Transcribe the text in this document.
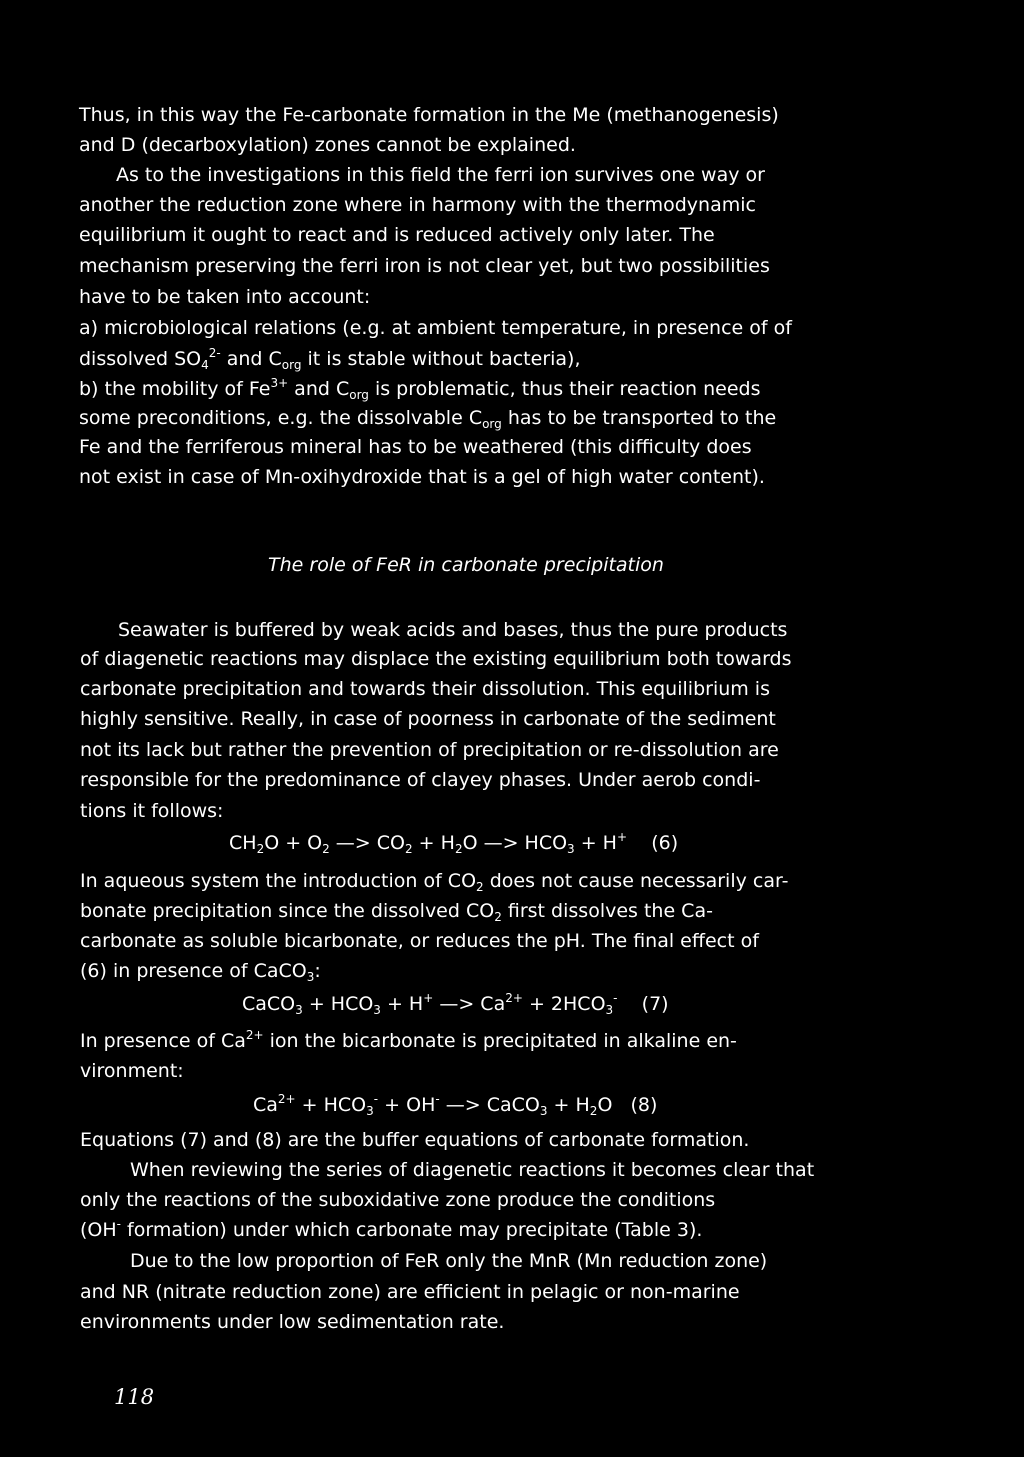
Thus, in this way the Fe-carbonate formation in the Me (methanogenesis)
and D (decarboxylation) zones cannot be explained.
As to the investigations in this field the ferri ion survives one way or
another the reduction zone where in harmony with the thermodynamic
equilibrium it ought to react and is reduced actively only later. The
mechanism preserving the ferri iron is not clear yet, but two possibilities
have to be taken into account:
a) microbiological relations (e.g. at ambient temperature, in presence of of
dissolved $SO_4^{2-}$ and $C_{org}$ it is stable without bacteria),
b) the mobility of $Fe^{3+}$ and $C_{org}$ is problematic, thus their reaction needs
some preconditions, e.g. the dissolvable $C_{org}$ has to be transported to the
Fe and the ferriferous mineral has to be weathered (this difficulty does
not exist in case of Mn-oxihydroxide that is a gel of high water content).
The role of FeR in carbonate precipitation
Seawater is buffered by weak acids and bases, thus the pure products
of diagenetic reactions may displace the existing equilibrium both towards
carbonate precipitation and towards their dissolution. This equilibrium is
highly sensitive. Really, in case of poorness in carbonate of the sediment
not its lack but rather the prevention of precipitation or re-dissolution are
responsible for the predominance of clayey phases. Under aerob condi-
tions it follows:
$CH_2O + O_2$ —> $CO_2 + H_2O$ —> $HCO_3 + H^+$    (6)
In aqueous system the introduction of $CO_2$ does not cause necessarily car-
bonate precipitation since the dissolved $CO_2$ first dissolves the Ca-
carbonate as soluble bicarbonate, or reduces the pH. The final effect of
(6) in presence of CaCO$_3$:
CaCO$_3$ + $HCO_3 + H^+$ —> $Ca^{2+} + 2HCO_3^-$    (7)
In presence of $Ca^{2+}$ ion the bicarbonate is precipitated in alkaline en-
vironment:
$Ca^{2+} + HCO_3^- + OH^-$ —> CaCO$_3$ + $H_2O$   (8)
Equations (7) and (8) are the buffer equations of carbonate formation.
When reviewing the series of diagenetic reactions it becomes clear that
only the reactions of the suboxidative zone produce the conditions
(OH- formation) under which carbonate may precipitate (Table 3).
Due to the low proportion of FeR only the MnR (Mn reduction zone)
and NR (nitrate reduction zone) are efficient in pelagic or non-marine
environments under low sedimentation rate.
118
